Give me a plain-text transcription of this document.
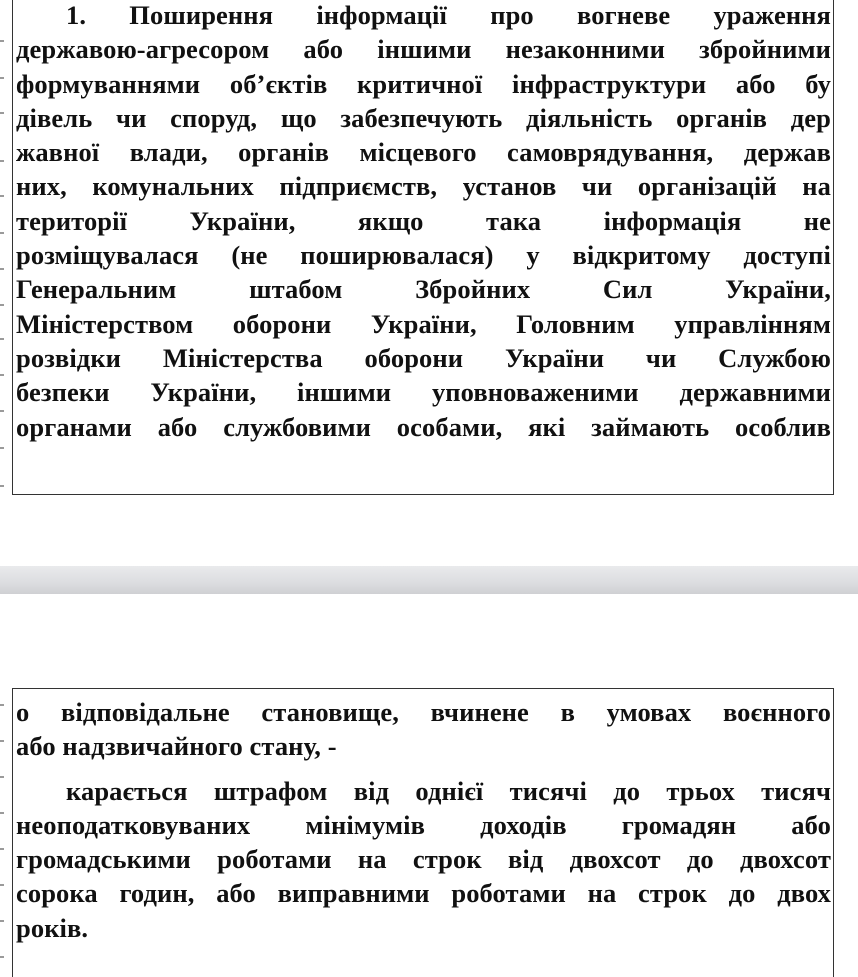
1. Поширення інформації про вогневе ураження
державою-агресором або іншими незаконними збройними
формуваннями об’єктів критичної інфраструктури або бу
дівель чи споруд, що забезпечують діяльність органів дер
жавної влади, органів місцевого самоврядування, держав
них, комунальних підприємств, установ чи організацій на
території України, якщо така інформація не
розміщувалася (не поширювалася) у відкритому доступі
Генеральним штабом Збройних Сил України,
Міністерством оборони України, Головним управлінням
розвідки Міністерства оборони України чи Службою
безпеки України, іншими уповноваженими державними
органами або службовими особами, які займають особлив

о відповідальне становище, вчинене в умовах воєнного
або надзвичайного стану, -

карається штрафом від однієї тисячі до трьох тисяч
неоподатковуваних мінімумів доходів громадян або
громадськими роботами на строк від двохсот до двохсот
сорока годин, або виправними роботами на строк до двох
років.
